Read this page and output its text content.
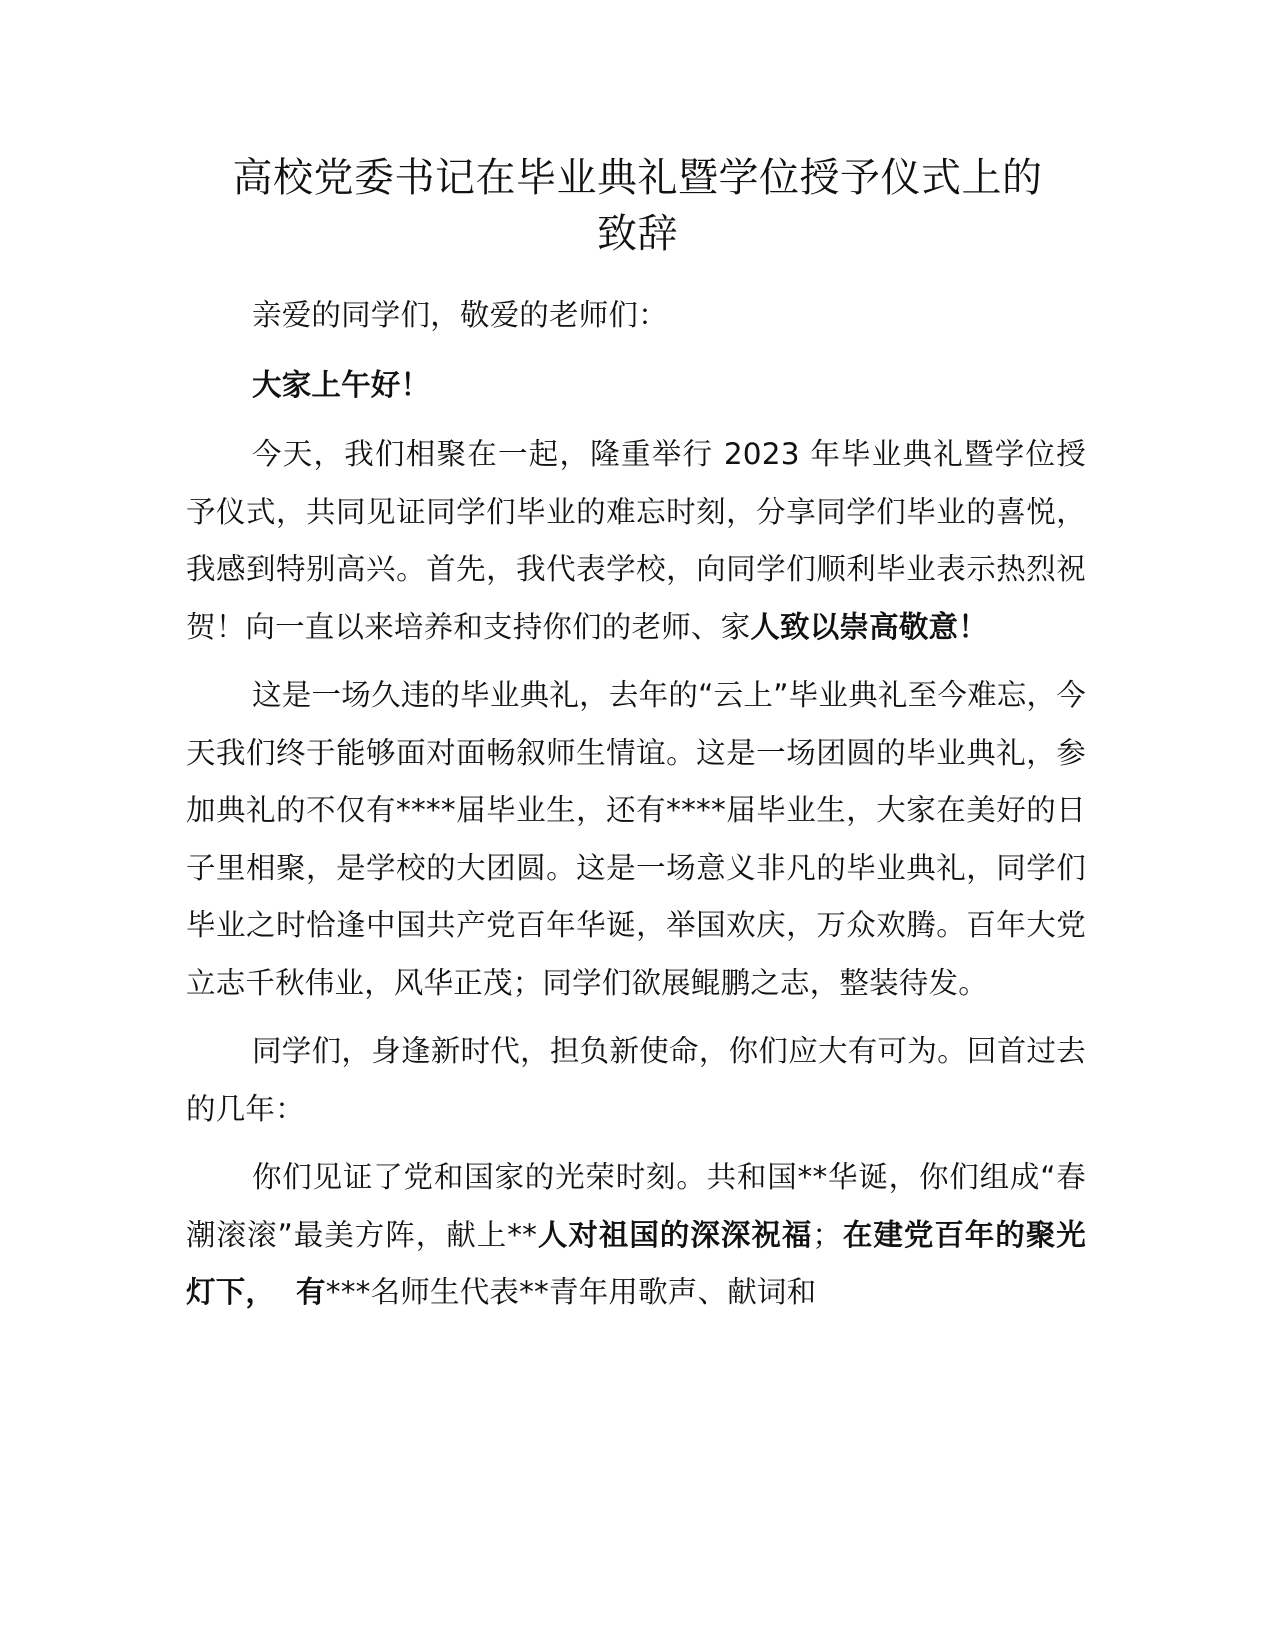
高校党委书记在毕业典礼暨学位授予仪式上的
致辞

亲爱的同学们，敬爱的老师们：

大家上午好！

今天，我们相聚在一起，隆重举行 2023 年毕业典礼暨学位授予仪式，共同见证同学们毕业的难忘时刻，分享同学们毕业的喜悦，我感到特别高兴。首先，我代表学校，向同学们顺利毕业表示热烈祝贺！向一直以来培养和支持你们的老师、家人致以崇高敬意！

这是一场久违的毕业典礼，去年的“云上”毕业典礼至今难忘，今天我们终于能够面对面畅叙师生情谊。这是一场团圆的毕业典礼，参加典礼的不仅有****届毕业生，还有****届毕业生，大家在美好的日子里相聚，是学校的大团圆。这是一场意义非凡的毕业典礼，同学们毕业之时恰逢中国共产党百年华诞，举国欢庆，万众欢腾。百年大党立志千秋伟业，风华正茂；同学们欲展鲲鹏之志，整装待发。

同学们，身逢新时代，担负新使命，你们应大有可为。回首过去的几年：

你们见证了党和国家的光荣时刻。共和国**华诞，你们组成“春潮滚滚”最美方阵，献上**人对祖国的深深祝福；在建党百年的聚光灯下，  有***名师生代表**青年用歌声、献词和
